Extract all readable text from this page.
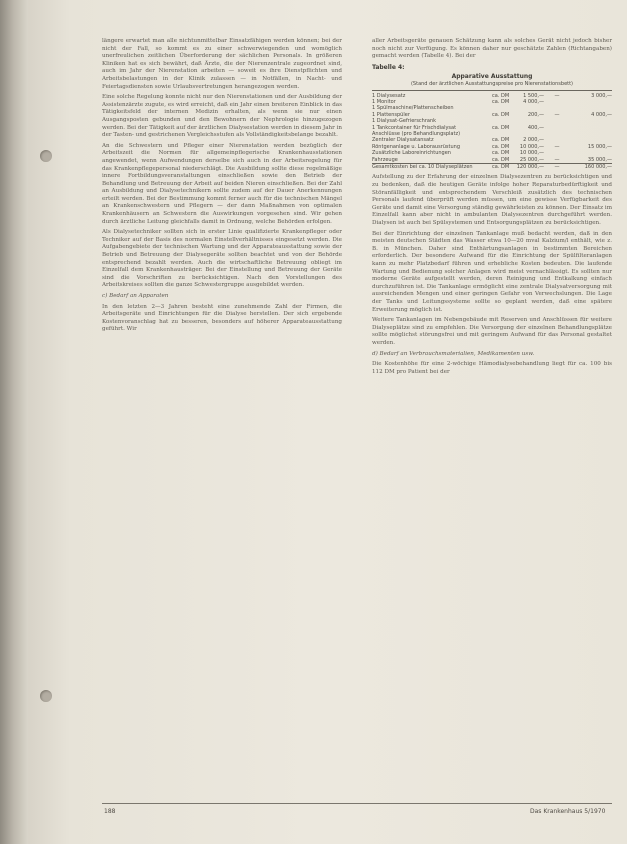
längere erwartet man alle nichtunmittelbar Einsatzfähigen werden können; bei der nicht der Fall, so kommt es zu einer schwerwiegenden und womöglich unerfreulichen zeitlichen Überforderung der sächlichen Personals. In größeren Kliniken hat es sich bewährt, daß Ärzte, die der Nierenzentrale zugeordnet sind, auch im Jahr der Nierenstation arbeiten — soweit es ihre Dienstpflichten und Arbeitsbelastungen in der Klinik zulassen — in Notfällen, in Nacht- und Feiertagsdiensten sowie Urlaubsvertretungen herangezogen werden.

Eine solche Regelung konnte nicht nur den Nierenstationen und der Ausbildung der Assistenzärzte zugute, es wird erreicht, daß ein Jahr einen breiteren Einblick in das Tätigkeitsfeld der internen Medizin erhalten, als wenn sie nur einen Ausgangsposten gebunden und den Bewohnern der Nephrologie hinzugezogen werden. Bei der Tätigkeit auf der ärztlichen Dialysestation werden in diesem Jahr in der Tasten- und gestrichenen Vergleichsstufen als Vollständigkeitsbelange bezahlt.

An die Schwestern und Pfleger einer Nierenstation werden bezüglich der Arbeitszeit die Normen für allgemeinpflegerische Krankenhausstationen angewendet, wenn Aufwendungen derselbe sich auch in der Arbeitsregelung für das Krankenpflegepersonal niederschlägt. Die Ausbildung sollte diese regelmäßige innere Fortbildungsveranstaltungen einschließen sowie den Betrieb der Behandlung und Betreuung der Arbeit auf beiden Nieren einschließen. Bei der Zahl an Ausbildung und Dialysetechnikern sollte zudem auf der Dauer Anerkennungen erteilt werden. Bei der Bestimmung kommt ferner auch für die technischen Mängel an Krankenschwestern und Pflegern — der dann Maßnahmen von optimalen Krankenhäusern an Schwestern die Auswirkungen vorgesehen sind. Wir gehen durch ärztliche Leitung gleichfalls damit in Ordnung, welche Behörden erfolgen.

Als Dialysetechniker sollten sich in erster Linie qualifizierte Krankenpfleger oder Techniker auf der Basis des normalen Einstellverhältnisses eingesetzt werden. Die Aufgabengebiete der technischen Wartung und der Apparateausstattung sowie der Betrieb und Betreuung der Dialysegeräte sollten beachtet und von der Behörde entsprechend bezahlt werden. Auch die wirtschaftliche Betreuung obliegt im Einzelfall dem Krankenhausträger. Bei der Einstellung und Betreuung der Geräte sind die Vorschriften zu berücksichtigen. Nach den Vorstellungen des Arbeitskreises sollten die ganze Schwestergruppe ausgebildet werden.

c) Bedarf an Apparaten

In den letzten 2—3 Jahren besteht eine zunehmende Zahl der Firmen, die Arbeitsgeräte und Einrichtungen für die Dialyse herstellen. Der sich ergebende Kostenvoranschlag hat zu besseren, besonders auf höherer Apparateausstattung geführt. Wir

aller Arbeitsgeräte genauen Schätzung kann als solches Gerät nicht jedoch bisher noch nicht zur Verfügung. Es können daher nur geschätzte Zahlen (Richtangaben) gemacht werden (Tabelle 4). Bei der

Tabelle 4:
Apparative Ausstattung
(Stand der ärztlichen Ausstattungspreise pro Nierenstationsbett)
1 Dialysesatz	ca. DM	1 500,—	—	3 000,—
1 Monitor	ca. DM	4 000,—
1 Spülmaschine/Plattenscheiben
1 Plattenspüler	ca. DM	200,—	—	4 000,—
1 Dialysat-Gefrierschrank
1 Tankcontainer für Frischdialysat	ca. DM	400,—
Anschlüsse (pro Behandlungsplatz)
Zentraler Dialysatansatz	ca. DM	2 000,—
Röntgenanlage u. Laborausrüstung	ca. DM	10 000,—	—	15 000,—
Zusätzliche Laboreinrichtungen	ca. DM	10 000,—
Fahrzeuge	ca. DM	25 000,—	—	35 000,—
Gesamtkosten bei ca. 10 Dialyseplätzen	ca. DM	120 000,—	—	160 000,—

Aufstellung zu der Erfahrung der einzelnen Dialysezentren zu berücksichtigen und zu bedenken, daß die heutigen Geräte infolge hoher Reparaturbedürftigkeit und Störanfälligkeit und entsprechendem Verschleiß zusätzlich des technischen Personals laufend überprüft werden müssen, um eine gewisse Verfügbarkeit des Geräte und damit eine Versorgung ständig gewährleisten zu können. Der Einsatz im Einzelfall kann aber nicht in ambulanten Dialysezentren durchgeführt werden. Dialysen ist auch bei Spülsystemen und Entsorgungsplätzen zu berücksichtigen.

Bei der Einrichtung der einzelnen Tankanlage muß bedacht werden, daß in den meisten deutschen Städten das Wasser etwa 10—20 mval Kalzium/l enthält, wie z. B. in München. Daher sind Enthärtungsanlagen in bestimmten Bereichen erforderlich. Der besondere Aufwand für die Einrichtung der Spülfilteranlagen kann zu mehr Platzbedarf führen und erhebliche Kosten bedeuten. Die laufende Wartung und Bedienung solcher Anlagen wird meist vernachlässigt. Es sollten nur moderne Geräte aufgestellt werden, deren Reinigung und Entkalkung einfach durchzuführen ist. Die Tankanlage ermöglicht eine zentrale Dialysatversorgung mit ausreichenden Mengen und einer geringen Gefahr von Verwechslungen. Die Lage der Tanks und Leitungssysteme sollte so geplant werden, daß eine spätere Erweiterung möglich ist.

Weitere Tankanlagen im Nebengebäude mit Reserven und Anschlüssen für weitere Dialyseplätze sind zu empfehlen. Die Versorgung der einzelnen Behandlungsplätze sollte möglichst störungsfrei und mit geringem Aufwand für das Personal gestaltet werden.

d) Bedarf an Verbrauchsmaterialien, Medikamenten usw.

Die Kostenhöhe für eine 2-wöchige Hämodialysebehandlung liegt für ca. 100 bis 112 DM pro Patient bei der

188	Das Krankenhaus 5/1970
